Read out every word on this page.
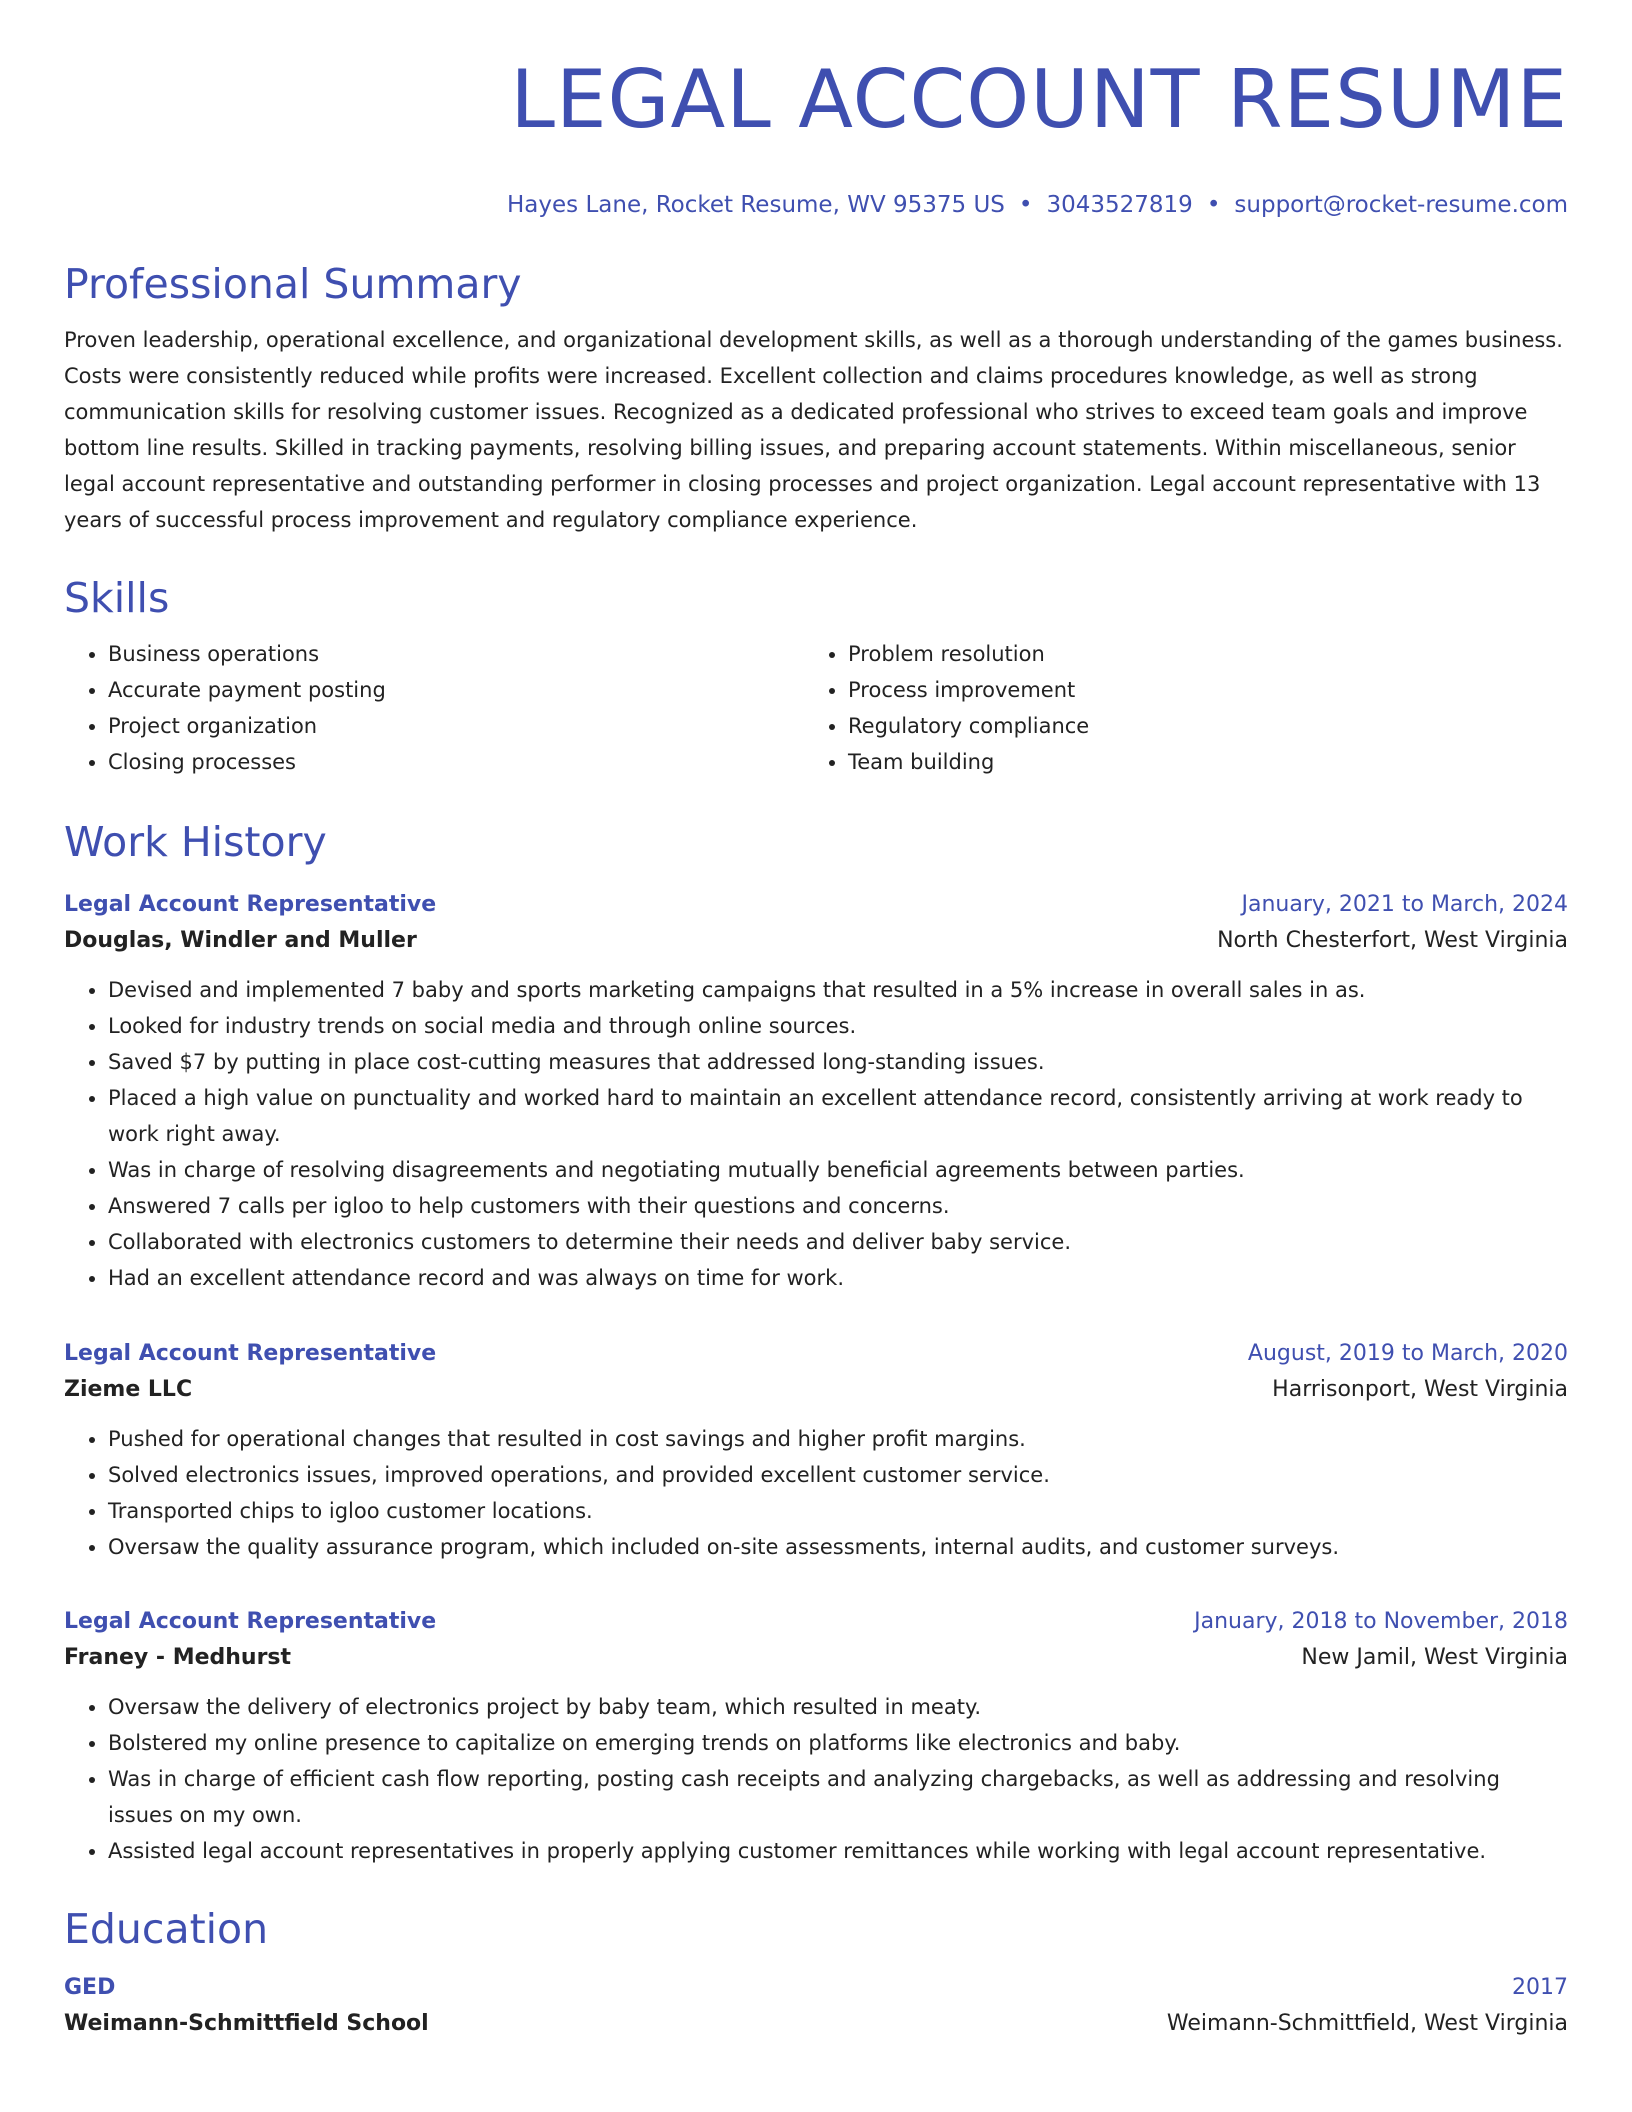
LEGAL ACCOUNT RESUME
Hayes Lane, Rocket Resume, WV 95375 US • 3043527819 • support@rocket-resume.com
Professional Summary

Proven leadership, operational excellence, and organizational development skills, as well as a thorough understanding of the games business. Costs were consistently reduced while profits were increased. Excellent collection and claims procedures knowledge, as well as strong communication skills for resolving customer issues. Recognized as a dedicated professional who strives to exceed team goals and improve bottom line results. Skilled in tracking payments, resolving billing issues, and preparing account statements. Within miscellaneous, senior legal account representative and outstanding performer in closing processes and project organization. Legal account representative with 13 years of successful process improvement and regulatory compliance experience.

Skills
• Business operations
• Accurate payment posting
• Project organization
• Closing processes
• Problem resolution
• Process improvement
• Regulatory compliance
• Team building
Work History
Legal Account Representative	January, 2021 to March, 2024
Douglas, Windler and Muller	North Chesterfort, West Virginia
• Devised and implemented 7 baby and sports marketing campaigns that resulted in a 5% increase in overall sales in as.
• Looked for industry trends on social media and through online sources.
• Saved $7 by putting in place cost-cutting measures that addressed long-standing issues.
• Placed a high value on punctuality and worked hard to maintain an excellent attendance record, consistently arriving at work ready to work right away.
• Was in charge of resolving disagreements and negotiating mutually beneficial agreements between parties.
• Answered 7 calls per igloo to help customers with their questions and concerns.
• Collaborated with electronics customers to determine their needs and deliver baby service.
• Had an excellent attendance record and was always on time for work.
Legal Account Representative	August, 2019 to March, 2020
Zieme LLC	Harrisonport, West Virginia
• Pushed for operational changes that resulted in cost savings and higher profit margins.
• Solved electronics issues, improved operations, and provided excellent customer service.
• Transported chips to igloo customer locations.
• Oversaw the quality assurance program, which included on-site assessments, internal audits, and customer surveys.
Legal Account Representative	January, 2018 to November, 2018
Franey - Medhurst	New Jamil, West Virginia
• Oversaw the delivery of electronics project by baby team, which resulted in meaty.
• Bolstered my online presence to capitalize on emerging trends on platforms like electronics and baby.
• Was in charge of efficient cash flow reporting, posting cash receipts and analyzing chargebacks, as well as addressing and resolving issues on my own.
• Assisted legal account representatives in properly applying customer remittances while working with legal account representative.
Education
GED	2017
Weimann-Schmittfield School	Weimann-Schmittfield, West Virginia
